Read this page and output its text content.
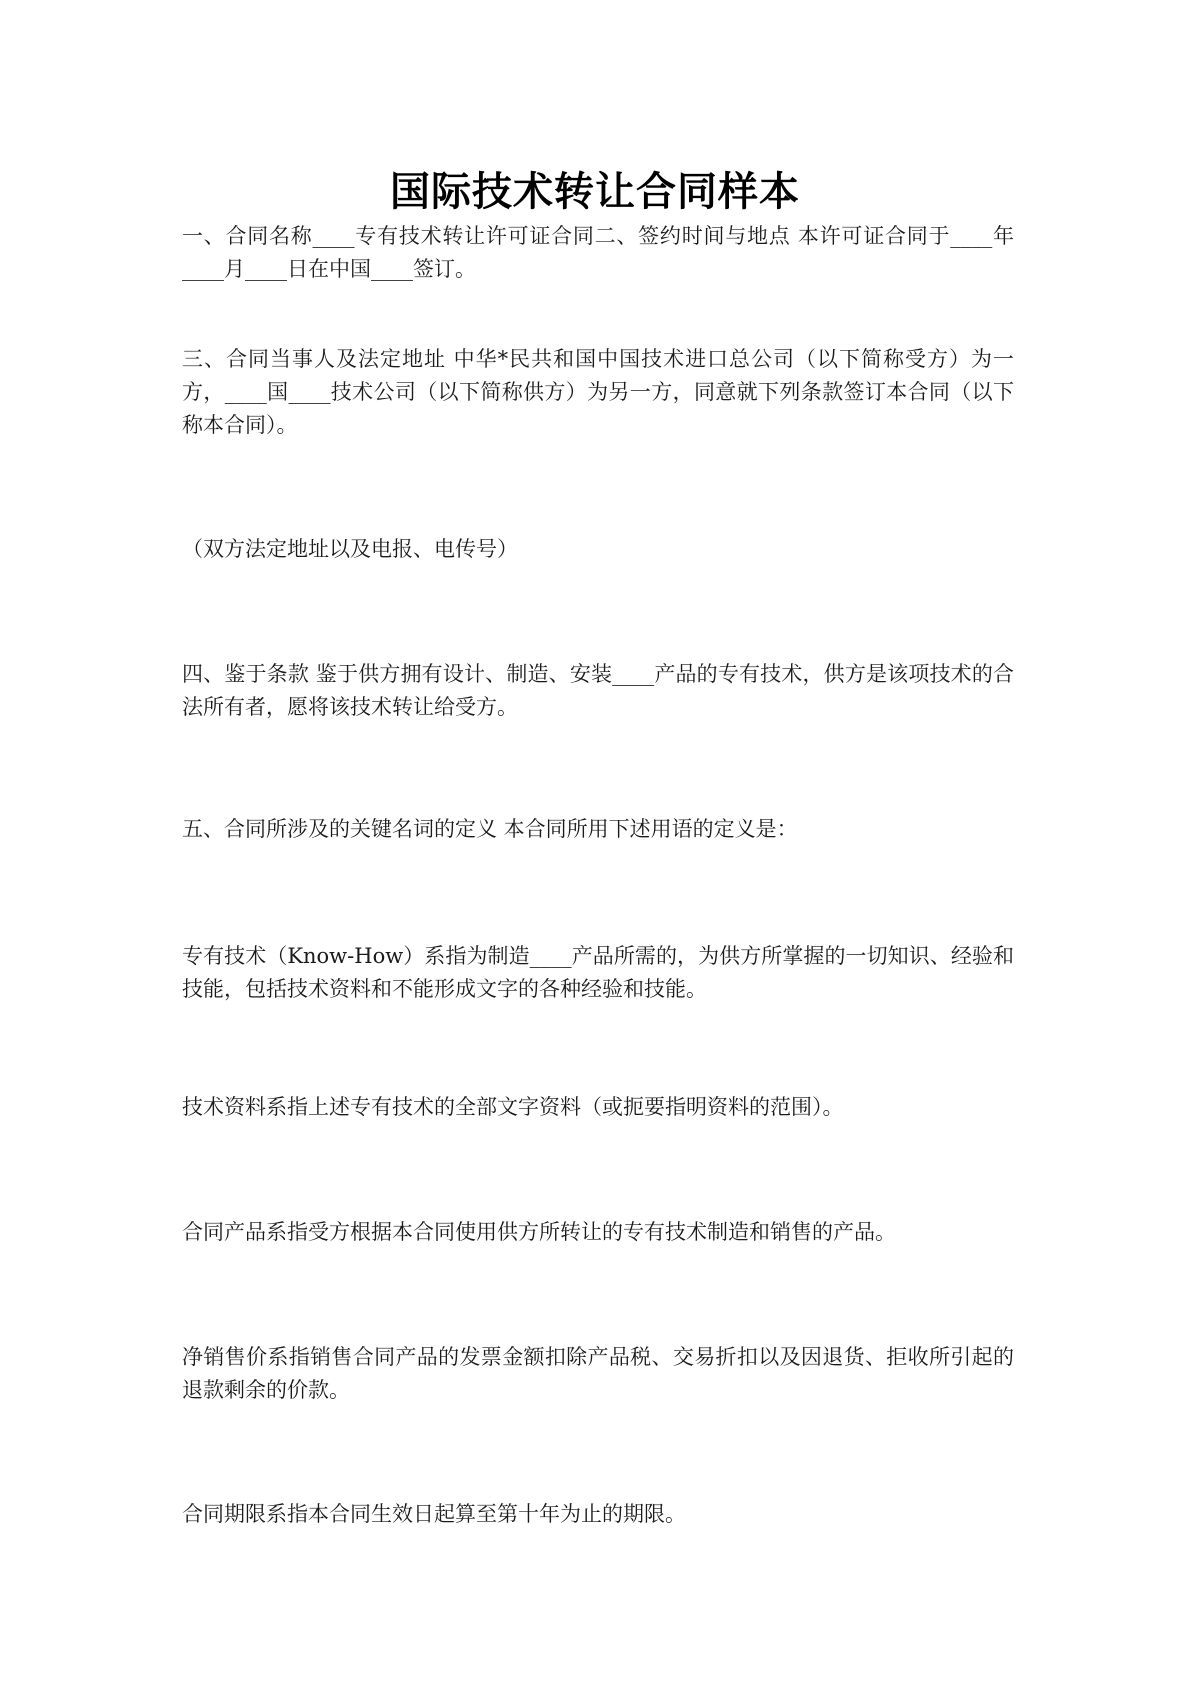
国际技术转让合同样本

一、合同名称____专有技术转让许可证合同二、签约时间与地点 本许可证合同于____年____月____日在中国____签订。

三、合同当事人及法定地址 中华*民共和国中国技术进口总公司（以下简称受方）为一方，____国____技术公司（以下简称供方）为另一方，同意就下列条款签订本合同（以下称本合同）。

（双方法定地址以及电报、电传号）

四、鉴于条款 鉴于供方拥有设计、制造、安装____产品的专有技术，供方是该项技术的合法所有者，愿将该技术转让给受方。

五、合同所涉及的关键名词的定义 本合同所用下述用语的定义是：

专有技术（Know-How）系指为制造____产品所需的，为供方所掌握的一切知识、经验和技能，包括技术资料和不能形成文字的各种经验和技能。

技术资料系指上述专有技术的全部文字资料（或扼要指明资料的范围）。

合同产品系指受方根据本合同使用供方所转让的专有技术制造和销售的产品。

净销售价系指销售合同产品的发票金额扣除产品税、交易折扣以及因退货、拒收所引起的退款剩余的价款。

合同期限系指本合同生效日起算至第十年为止的期限。
